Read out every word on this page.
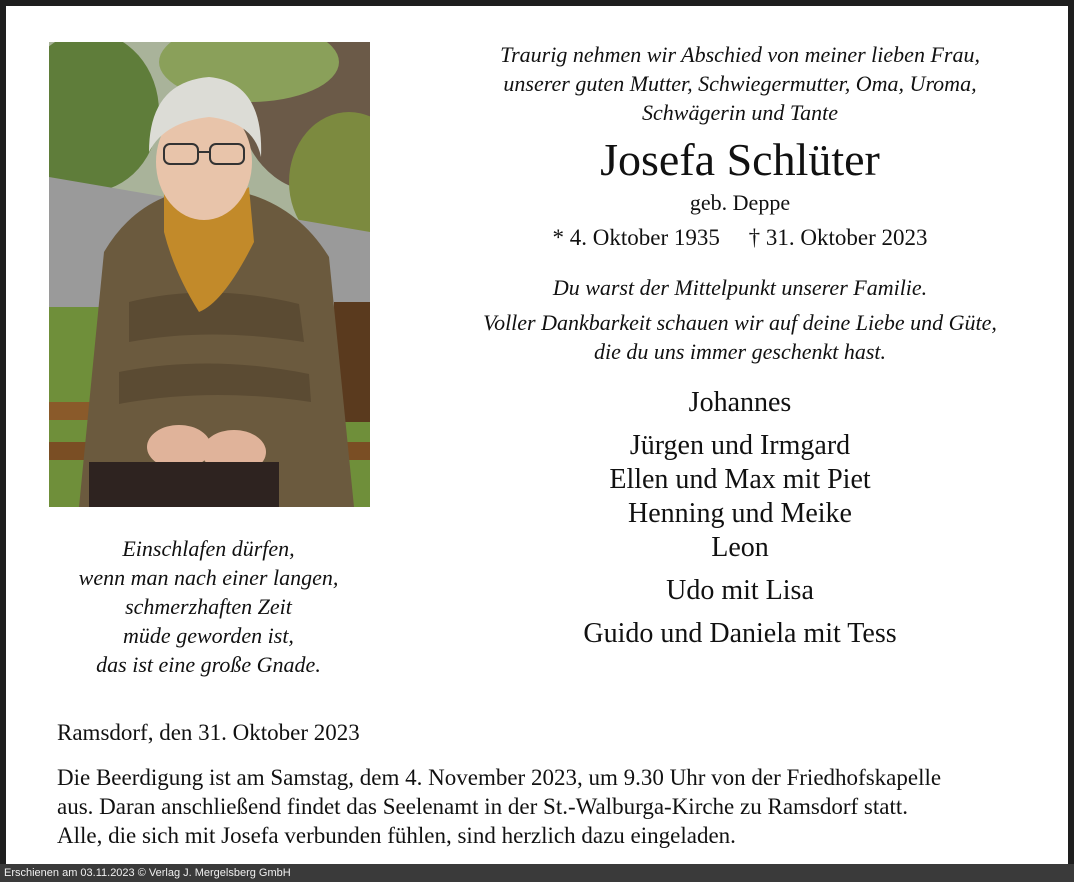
Einschlafen dürfen,
wenn man nach einer langen,
schmerzhaften Zeit
müde geworden ist,
das ist eine große Gnade.
Traurig nehmen wir Abschied von meiner lieben Frau,
unserer guten Mutter, Schwiegermutter, Oma, Uroma,
Schwägerin und Tante
Josefa Schlüter
geb. Deppe
* 4. Oktober 1935     † 31. Oktober 2023
Du warst der Mittelpunkt unserer Familie.
Voller Dankbarkeit schauen wir auf deine Liebe und Güte,
die du uns immer geschenkt hast.
Johannes
Jürgen und Irmgard
Ellen und Max mit Piet
Henning und Meike
Leon
Udo mit Lisa
Guido und Daniela mit Tess
Ramsdorf, den 31. Oktober 2023
Die Beerdigung ist am Samstag, dem 4. November 2023, um 9.30 Uhr von der Friedhofskapelle
aus. Daran anschließend findet das Seelenamt in der St.-Walburga-Kirche zu Ramsdorf statt.
Alle, die sich mit Josefa verbunden fühlen, sind herzlich dazu eingeladen.
Erschienen am 03.11.2023 © Verlag J. Mergelsberg GmbH
